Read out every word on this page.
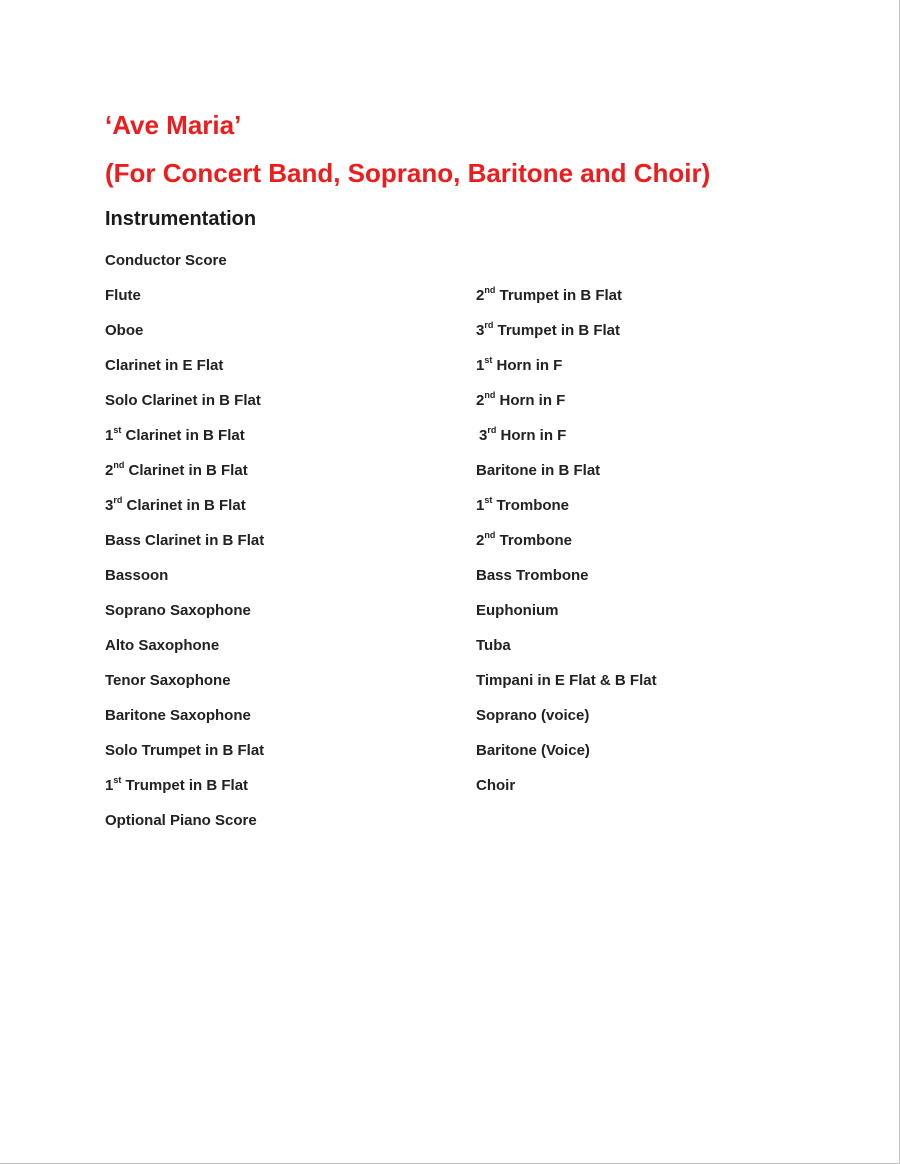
‘Ave Maria’
(For Concert Band, Soprano, Baritone and Choir)
Instrumentation
Conductor Score
Flute
Oboe
Clarinet in E Flat
Solo Clarinet in B Flat
1st Clarinet in B Flat
2nd Clarinet in B Flat
3rd Clarinet in B Flat
Bass Clarinet in B Flat
Bassoon
Soprano Saxophone
Alto Saxophone
Tenor Saxophone
Baritone Saxophone
Solo Trumpet in B Flat
1st Trumpet in B Flat
Optional Piano Score
2nd Trumpet in B Flat
3rd Trumpet in B Flat
1st Horn in F
2nd Horn in F
3rd Horn in F
Baritone in B Flat
1st Trombone
2nd Trombone
Bass Trombone
Euphonium
Tuba
Timpani in E Flat & B Flat
Soprano (voice)
Baritone (Voice)
Choir
